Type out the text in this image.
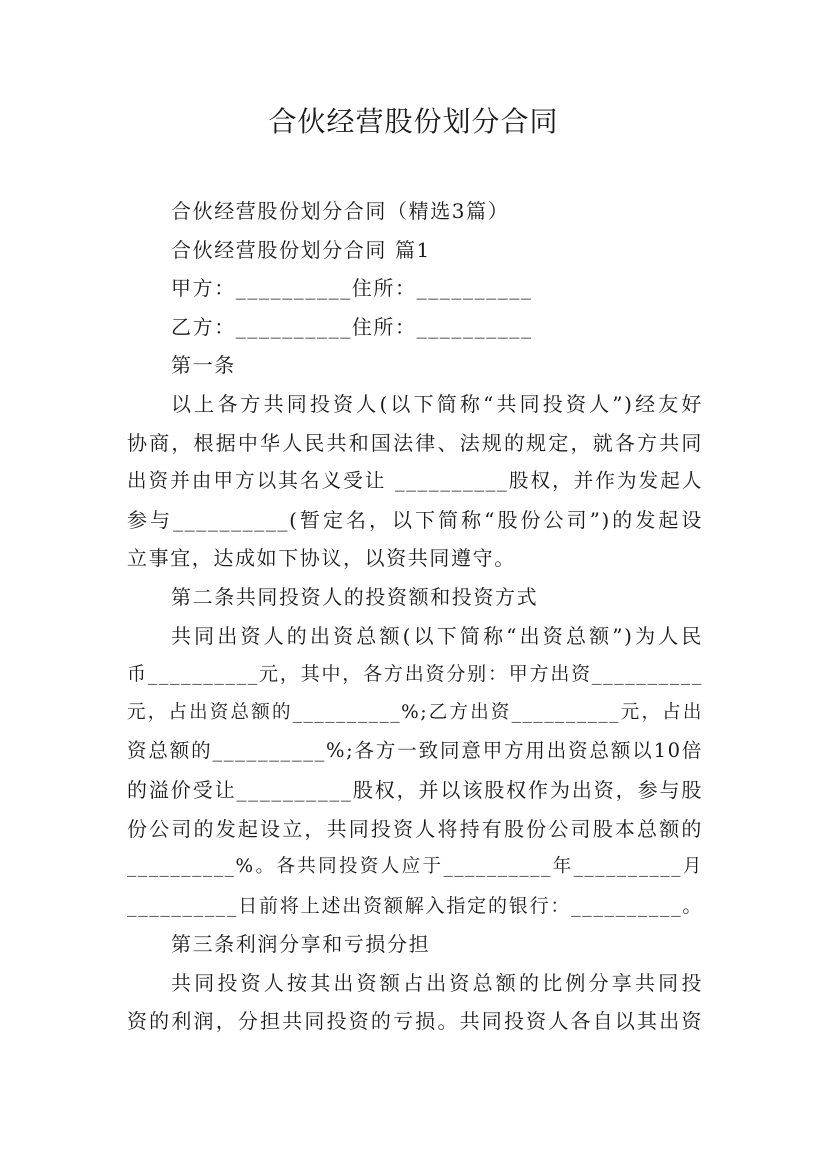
合伙经营股份划分合同
合伙经营股份划分合同（精选3篇）
合伙经营股份划分合同 篇1
甲方：__________住所：__________
乙方：__________住所：__________
第一条
以上各方共同投资人(以下简称“共同投资人”)经友好
协商，根据中华人民共和国法律、法规的规定，就各方共同
出资并由甲方以其名义受让 __________股权，并作为发起人
参与__________(暂定名，以下简称“股份公司”)的发起设
立事宜，达成如下协议，以资共同遵守。
第二条共同投资人的投资额和投资方式
共同出资人的出资总额(以下简称“出资总额”)为人民
币__________元，其中，各方出资分别：甲方出资__________
元，占出资总额的__________%;乙方出资__________元，占出
资总额的__________%;各方一致同意甲方用出资总额以10倍
的溢价受让__________股权，并以该股权作为出资，参与股
份公司的发起设立，共同投资人将持有股份公司股本总额的
__________%。各共同投资人应于__________年__________月
__________日前将上述出资额解入指定的银行：__________。
第三条利润分享和亏损分担
共同投资人按其出资额占出资总额的比例分享共同投
资的利润，分担共同投资的亏损。共同投资人各自以其出资
